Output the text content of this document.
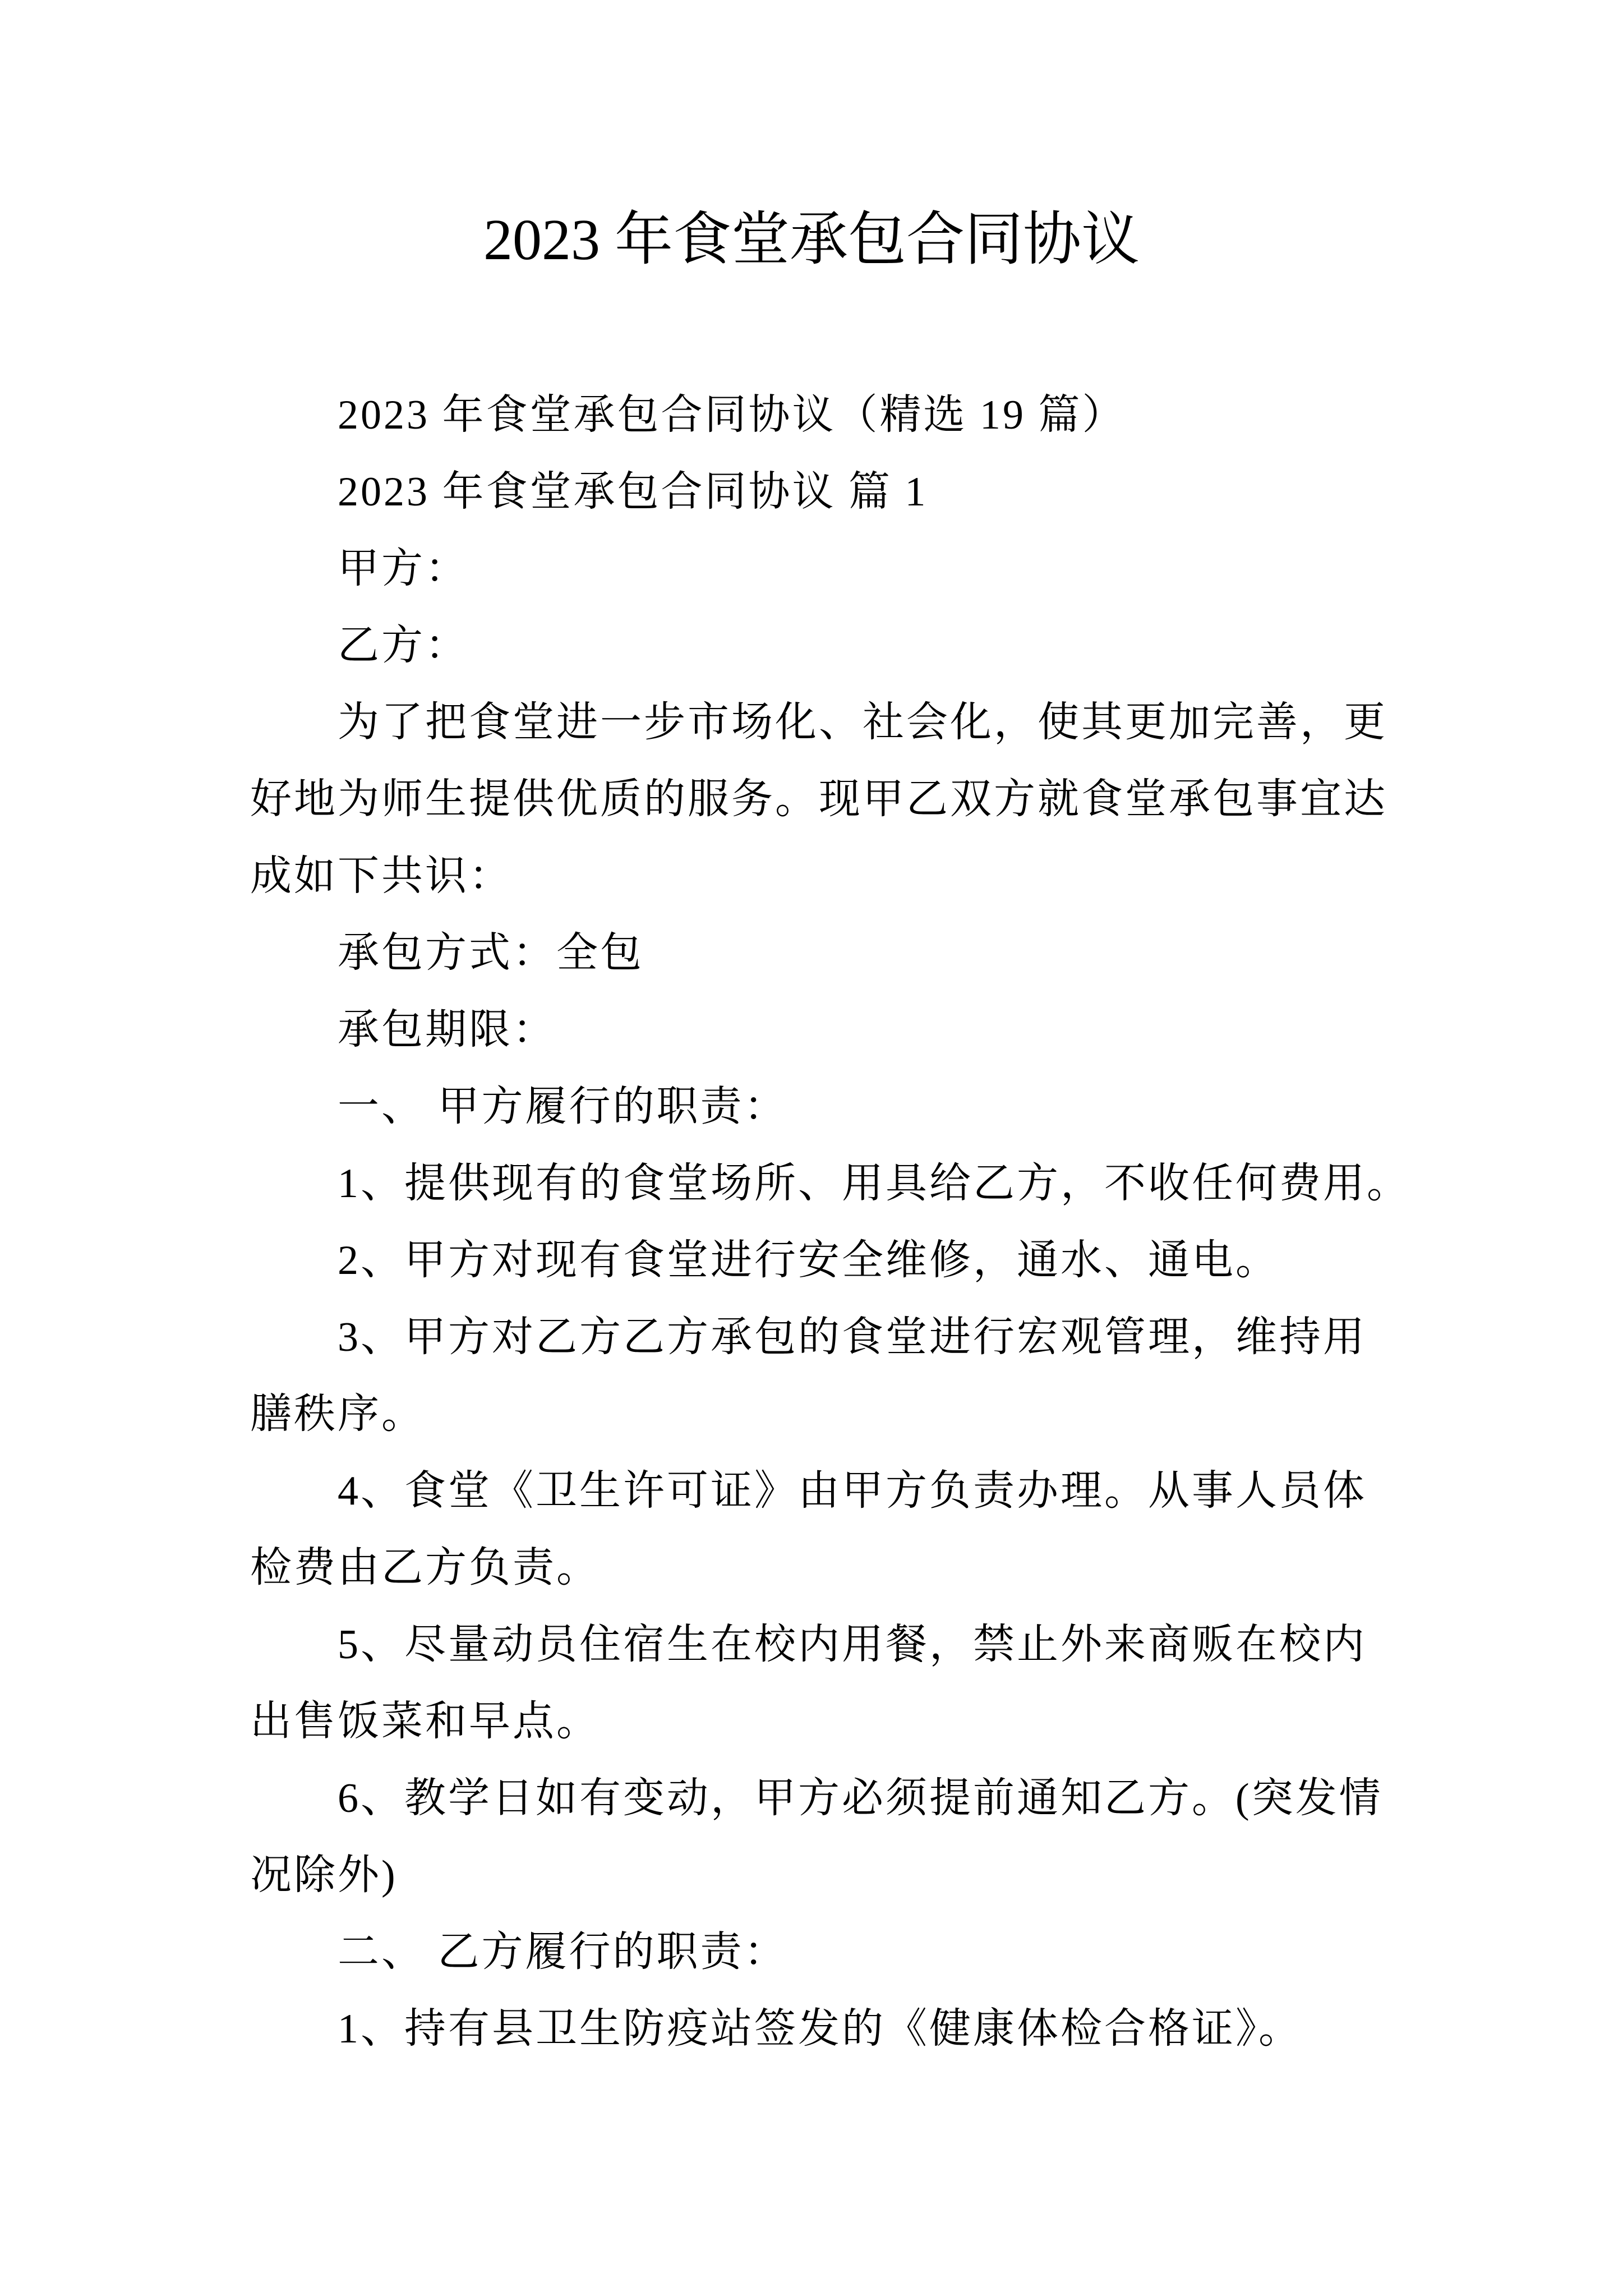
2023 年食堂承包合同协议
2023 年食堂承包合同协议（精选 19 篇）
2023 年食堂承包合同协议 篇 1
甲方：
乙方：
为了把食堂进一步市场化、社会化，使其更加完善，更
好地为师生提供优质的服务。现甲乙双方就食堂承包事宜达
成如下共识：
承包方式：全包
承包期限：
一、 甲方履行的职责：
1、提供现有的食堂场所、用具给乙方，不收任何费用。
2、甲方对现有食堂进行安全维修，通水、通电。
3、甲方对乙方乙方承包的食堂进行宏观管理，维持用
膳秩序。
4、食堂《卫生许可证》由甲方负责办理。从事人员体
检费由乙方负责。
5、尽量动员住宿生在校内用餐，禁止外来商贩在校内
出售饭菜和早点。
6、教学日如有变动，甲方必须提前通知乙方。(突发情
况除外)
二、 乙方履行的职责：
1、持有县卫生防疫站签发的《健康体检合格证》。
